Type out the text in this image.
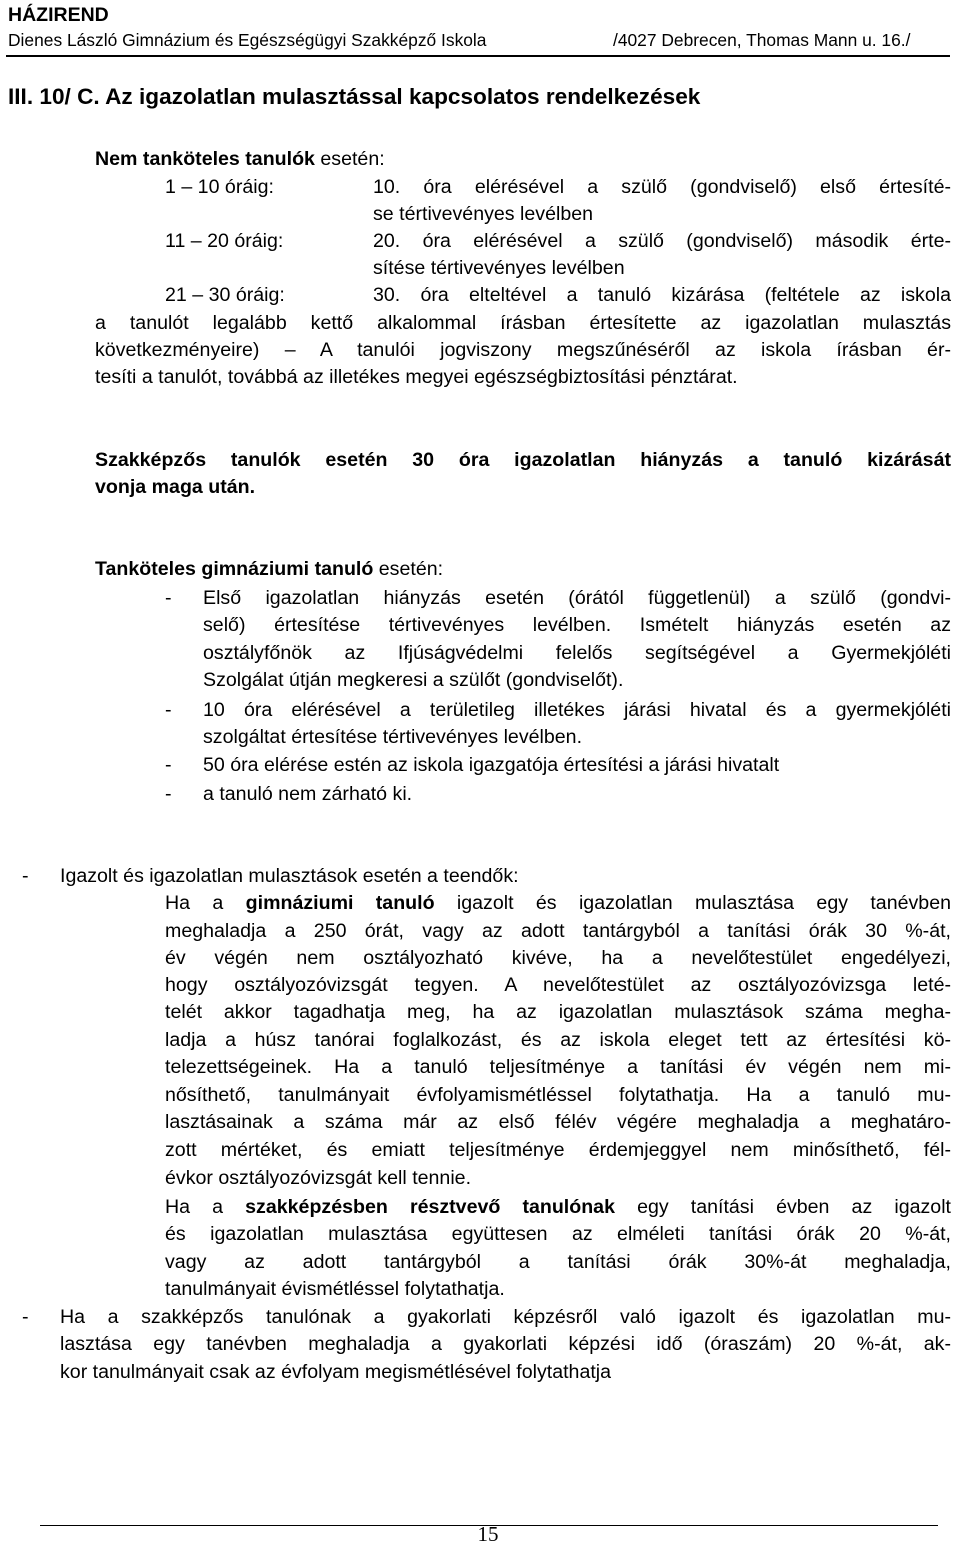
HÁZIREND
Dienes László Gimnázium és Egészségügyi Szakképző Iskola	/4027 Debrecen, Thomas Mann u. 16./
III. 10/ C. Az igazolatlan mulasztással kapcsolatos rendelkezések
Nem tanköteles tanulók esetén:
1 – 10 óráig:	10. óra elérésével a szülő (gondviselő) első értesíté-
se tértivevényes levélben
11 – 20 óráig:	20. óra elérésével a szülő (gondviselő) második érte-
sítése tértivevényes levélben
21 – 30 óráig:	30. óra elteltével a tanuló kizárása (feltétele az iskola
a tanulót legalább kettő alkalommal írásban értesítette az igazolatlan mulasztás
következményeire) – A tanulói jogviszony megszűnéséről az iskola írásban ér-
tesíti a tanulót, továbbá az illetékes megyei egészségbiztosítási pénztárat.
Szakképzős tanulók esetén 30 óra igazolatlan hiányzás a tanuló kizárását
vonja maga után.
Tanköteles gimnáziumi tanuló esetén:
- Első igazolatlan hiányzás esetén (órától függetlenül) a szülő (gondvi-
selő) értesítése tértivevényes levélben. Ismételt hiányzás esetén az
osztályfőnök az Ifjúságvédelmi felelős segítségével a Gyermekjóléti
Szolgálat útján megkeresi a szülőt (gondviselőt).
- 10 óra elérésével a területileg illetékes járási hivatal és a gyermekjóléti
szolgáltat értesítése tértivevényes levélben.
- 50 óra elérése estén az iskola igazgatója értesítési a járási hivatalt
- a tanuló nem zárható ki.
- Igazolt és igazolatlan mulasztások esetén a teendők:
Ha a gimnáziumi tanuló igazolt és igazolatlan mulasztása egy tanévben
meghaladja a 250 órát, vagy az adott tantárgyból a tanítási órák 30 %-át,
év végén nem osztályozható kivéve, ha a nevelőtestület engedélyezi,
hogy osztályozóvizsgát tegyen. A nevelőtestület az osztályozóvizsga leté-
telét akkor tagadhatja meg, ha az igazolatlan mulasztások száma megha-
ladja a húsz tanórai foglalkozást, és az iskola eleget tett az értesítési kö-
telezettségeinek. Ha a tanuló teljesítménye a tanítási év végén nem mi-
nősíthető, tanulmányait évfolyamismétléssel folytathatja. Ha a tanuló mu-
lasztásainak a száma már az első félév végére meghaladja a meghatáro-
zott mértéket, és emiatt teljesítménye érdemjeggyel nem minősíthető, fél-
évkor osztályozóvizsgát kell tennie.
Ha a szakképzésben résztvevő tanulónak egy tanítási évben az igazolt
és igazolatlan mulasztása együttesen az elméleti tanítási órák 20 %-át,
vagy az adott tantárgyból a tanítási órák 30%-át meghaladja,
tanulmányait évismétléssel folytathatja.
- Ha a szakképzős tanulónak a gyakorlati képzésről való igazolt és igazolatlan mu-
lasztása egy tanévben meghaladja a gyakorlati képzési idő (óraszám) 20 %-át, ak-
kor tanulmányait csak az évfolyam megismétlésével folytathatja
15
